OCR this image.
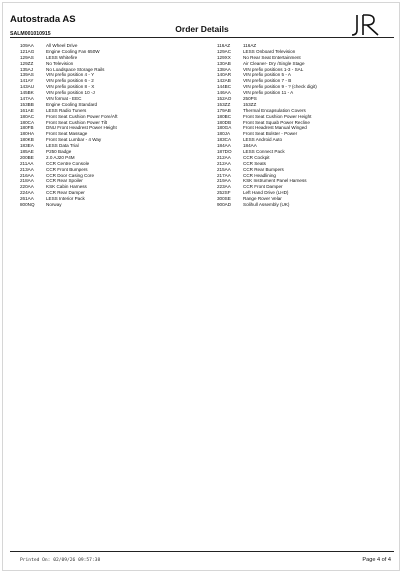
Autostrada AS
Order Details
SALM001010915
109AA	All Wheel Drive
121AG	Engine Cooling Fan 650W
129AS	LESS Whitefire
129ZZ	No Television
135AJ	No Loadspace Storage Rails
139AS	VIN prefix position 4 - Y
141AY	VIN prefix position 6 - 2
143AU	VIN prefix position 8 - X
145BK	VIN prefix position 10 -J
147AA	VIN format - EEC
153BB	Engine Cooling Standard
161AE	LESS Radio Tuners
180AC	Front Seat Cushion Power Fore/Aft
180CA	Front Seat Cushion Power Tilt
180FB	DNU Front Headrest Power Height
180HA	Front Seat Massage
180KB	Front Seat Lumbar - 4 Way
183EA	LESS Data Trial
185AE	P250 Badge
200BE	2.0 AJ20 P4M
211AA	CCR Centre Console
213AA	CCR Front Bumpers
216AA	CCR Door Casing Core
218AA	CCR Rear Spoiler
220AA	KSK Cabin Harness
224AA	CCR Rear Damper
261AA	LESS Interior Pack
800NQ Norway
116AZ	116AZ
129AC	LESS Onboard Television
129XX	No Rear Seat Entertainment
130AB	Air Cleaner- Dry /Single Stage
138AA	VIN prefix positions 1-3 - SAL
140AR	VIN prefix position 5 - A
142AB	VIN prefix position 7 - B
144BC	VIN prefix position 9 - ? (check digit)
146AA	VIN prefix position 11 - A
152AO	250PS
153ZZ	153ZZ
179AB	Thermal Encapsulation Covers
180BC	Front Seat Cushion Power Height
180DB	Front Seat Squab Power Recline
180GA	Front Headrest Manual Winged
180JA	Front Seat Bolster - Power
183CA	LESS Android Auto
184AA	184AA
187DO LESS Connect Pack
212AA	CCR Cockpit
212AA	CCR Seats
215AA	CCR Rear Bumpers
217AA	CCR Headlining
219AA	KSK Instrument Panel Harness
223AA	CCR Front Damper
252SF	Left Hand Drive (LHD)
300SE	Range Rover Velar
900AD	Solihull Assembly (UK)
Printed On: 02/09/26 09:57:38	Page 4 of 4
